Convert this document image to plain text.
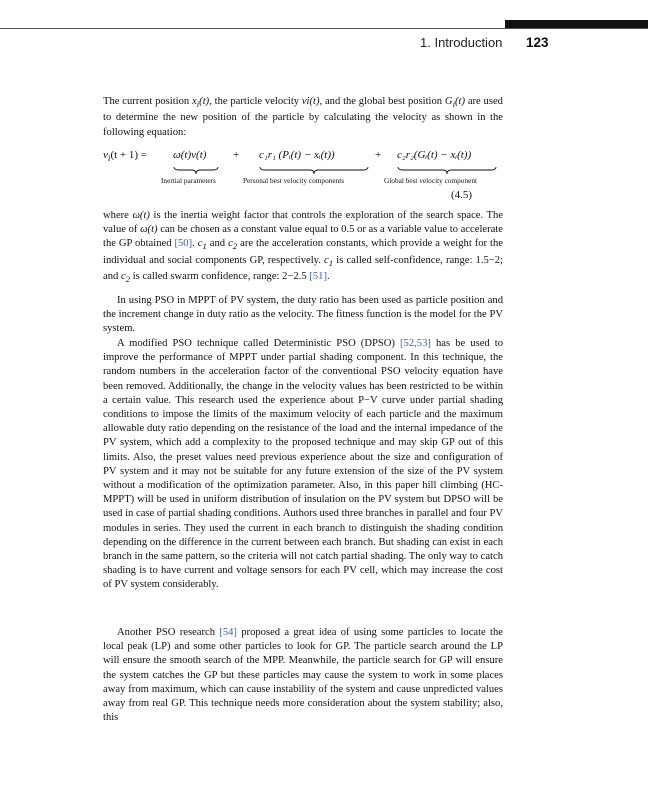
1. Introduction 123

The current position $x_i(t)$, the particle velocity vi(t), and the global best position $G_i(t)$ are used to determine the new position of the particle by calculating the velocity as shown in the following equation:

$v_i(t + 1) = \omega(t)v(t) + c_1r_1$ (Pᵢ(t) − xᵢ(t))	+ c₂r₂(Gᵢ(t) − xᵢ(t))
Inertial parameters	Personal best velocity components	Global best velocity component
(4.5)

where ω(t) is the inertia weight factor that controls the exploration of the search space. The value of ω(t) can be chosen as a constant value equal to 0.5 or as a variable value to accelerate the GP obtained [50]. $c_1$ and $c_2$ are the acceleration constants, which provide a weight for the individual and social components GP, respectively. $c_1$ is called self-confidence, range: 1.5−2; and $c_2$ is called swarm confidence, range: 2−2.5 [51].

In using PSO in MPPT of PV system, the duty ratio has been used as particle position and the increment change in duty ratio as the velocity. The fitness function is the model for the PV system.

A modified PSO technique called Deterministic PSO (DPSO) [52,53] has be used to improve the performance of MPPT under partial shading component. In this technique, the random numbers in the acceleration factor of the conventional PSO velocity equation have been removed. Additionally, the change in the velocity values has been restricted to be within a certain value. This research used the experience about P−V curve under partial shading conditions to impose the limits of the maximum velocity of each particle and the maximum allowable duty ratio depending on the resistance of the load and the internal impedance of the PV system, which add a complexity to the proposed technique and may skip GP out of this limits. Also, the preset values need previous experience about the size and configuration of PV system and it may not be suitable for any future extension of the size of the PV system without a modification of the optimization parameter. Also, in this paper hill climbing (HC-MPPT) will be used in uniform distribution of insulation on the PV system but DPSO will be used in case of partial shading conditions. Authors used three branches in parallel and four PV modules in series. They used the current in each branch to distinguish the shading condition depending on the difference in the current between each branch. But shading can exist in each branch in the same pattern, so the criteria will not catch partial shading. The only way to catch shading is to have current and voltage sensors for each PV cell, which may increase the cost of PV system considerably.

Another PSO research [54] proposed a great idea of using some particles to locate the local peak (LP) and some other particles to look for GP. The particle search around the LP will ensure the smooth search of the MPP. Meanwhile, the particle search for GP will ensure the system catches the GP but these particles may cause the system to work in some places away from maximum, which can cause instability of the system and cause unpredicted values away from real GP. This technique needs more consideration about the system stability; also, this
